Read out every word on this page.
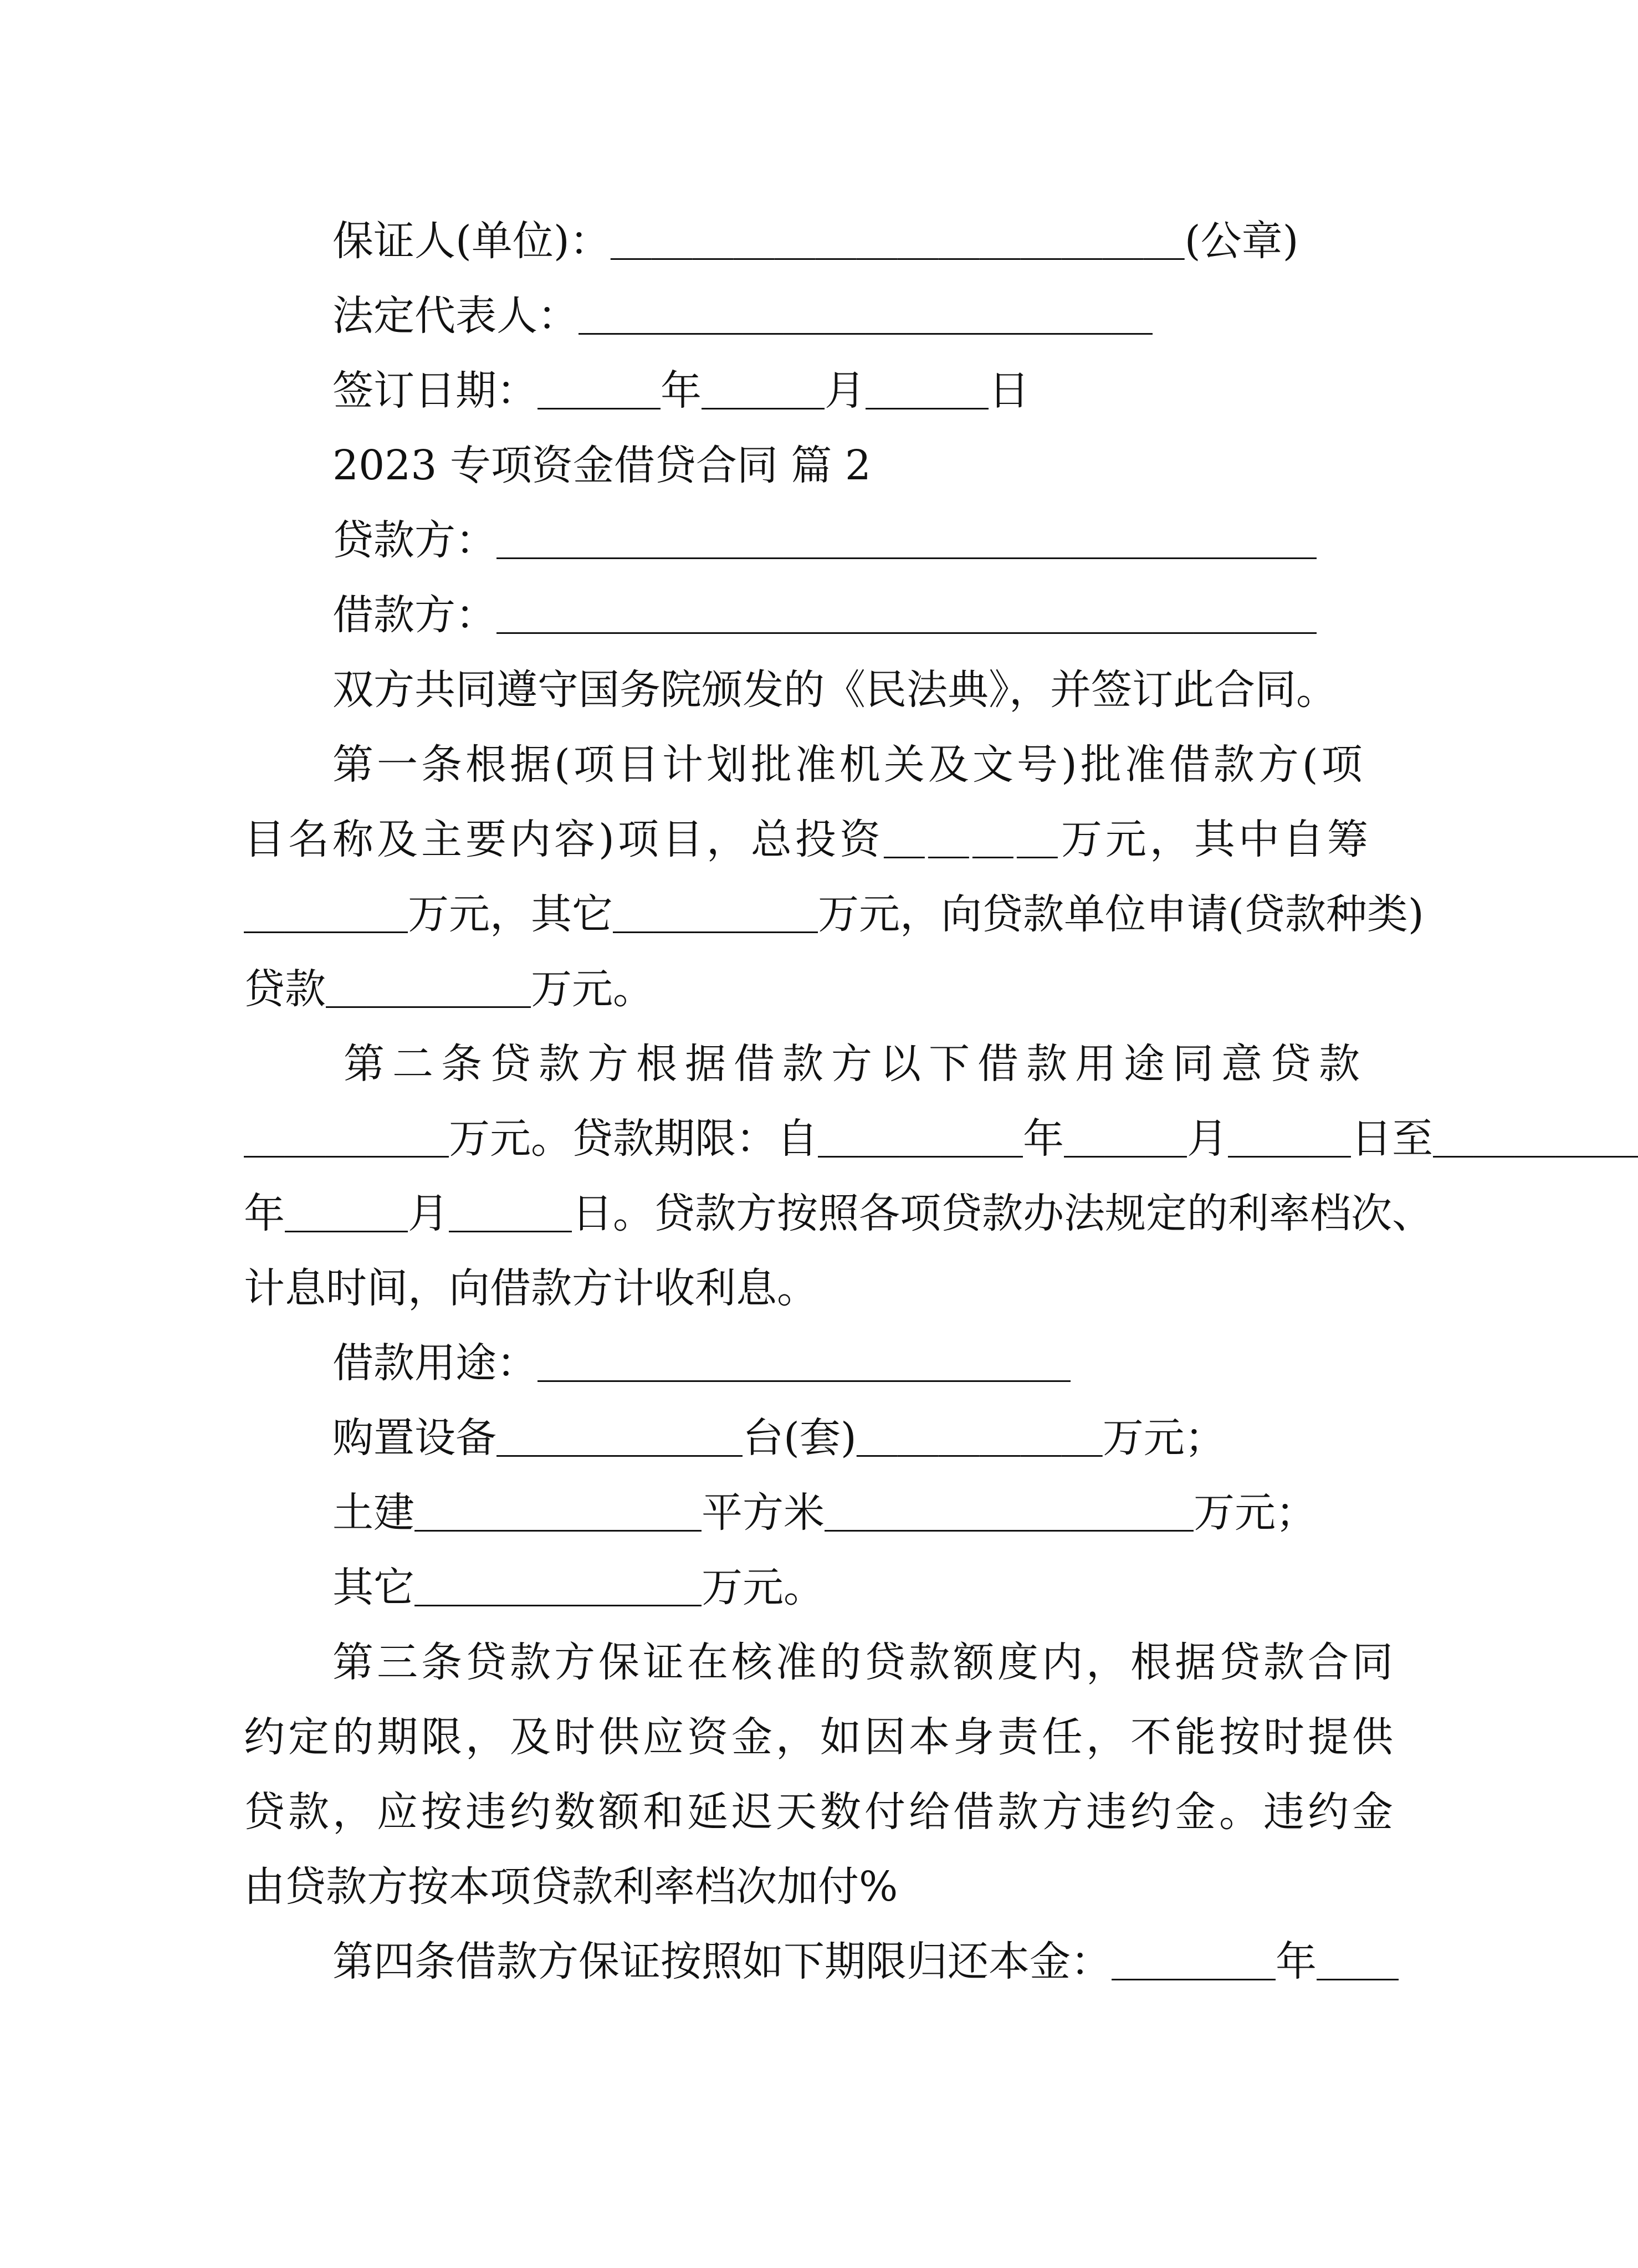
保证人(单位)：＿＿＿＿＿＿＿＿＿＿＿＿＿＿(公章)
法定代表人：＿＿＿＿＿＿＿＿＿＿＿＿＿＿
签订日期：＿＿＿年＿＿＿月＿＿＿日
2023 专项资金借贷合同 篇 2
贷款方：＿＿＿＿＿＿＿＿＿＿＿＿＿＿＿＿＿＿＿＿
借款方：＿＿＿＿＿＿＿＿＿＿＿＿＿＿＿＿＿＿＿＿
双方共同遵守国务院颁发的《民法典》，并签订此合同。
第一条根据(项目计划批准机关及文号)批准借款方(项
目名称及主要内容)项目，总投资＿＿＿＿万元，其中自筹
＿＿＿＿万元，其它＿＿＿＿＿万元，向贷款单位申请(贷款种类)
贷款＿＿＿＿＿万元。
第二条贷款方根据借款方以下借款用途同意贷款
＿＿＿＿＿万元。贷款期限：自＿＿＿＿＿年＿＿＿月＿＿＿日至＿＿＿＿＿
年＿＿＿月＿＿＿日。贷款方按照各项贷款办法规定的利率档次、
计息时间，向借款方计收利息。
借款用途：＿＿＿＿＿＿＿＿＿＿＿＿＿
购置设备＿＿＿＿＿＿台(套)＿＿＿＿＿＿万元；
土建＿＿＿＿＿＿＿平方米＿＿＿＿＿＿＿＿＿万元；
其它＿＿＿＿＿＿＿万元。
第三条贷款方保证在核准的贷款额度内，根据贷款合同
约定的期限，及时供应资金，如因本身责任，不能按时提供
贷款，应按违约数额和延迟天数付给借款方违约金。违约金
由贷款方按本项贷款利率档次加付%
第四条借款方保证按照如下期限归还本金：＿＿＿＿年＿＿
